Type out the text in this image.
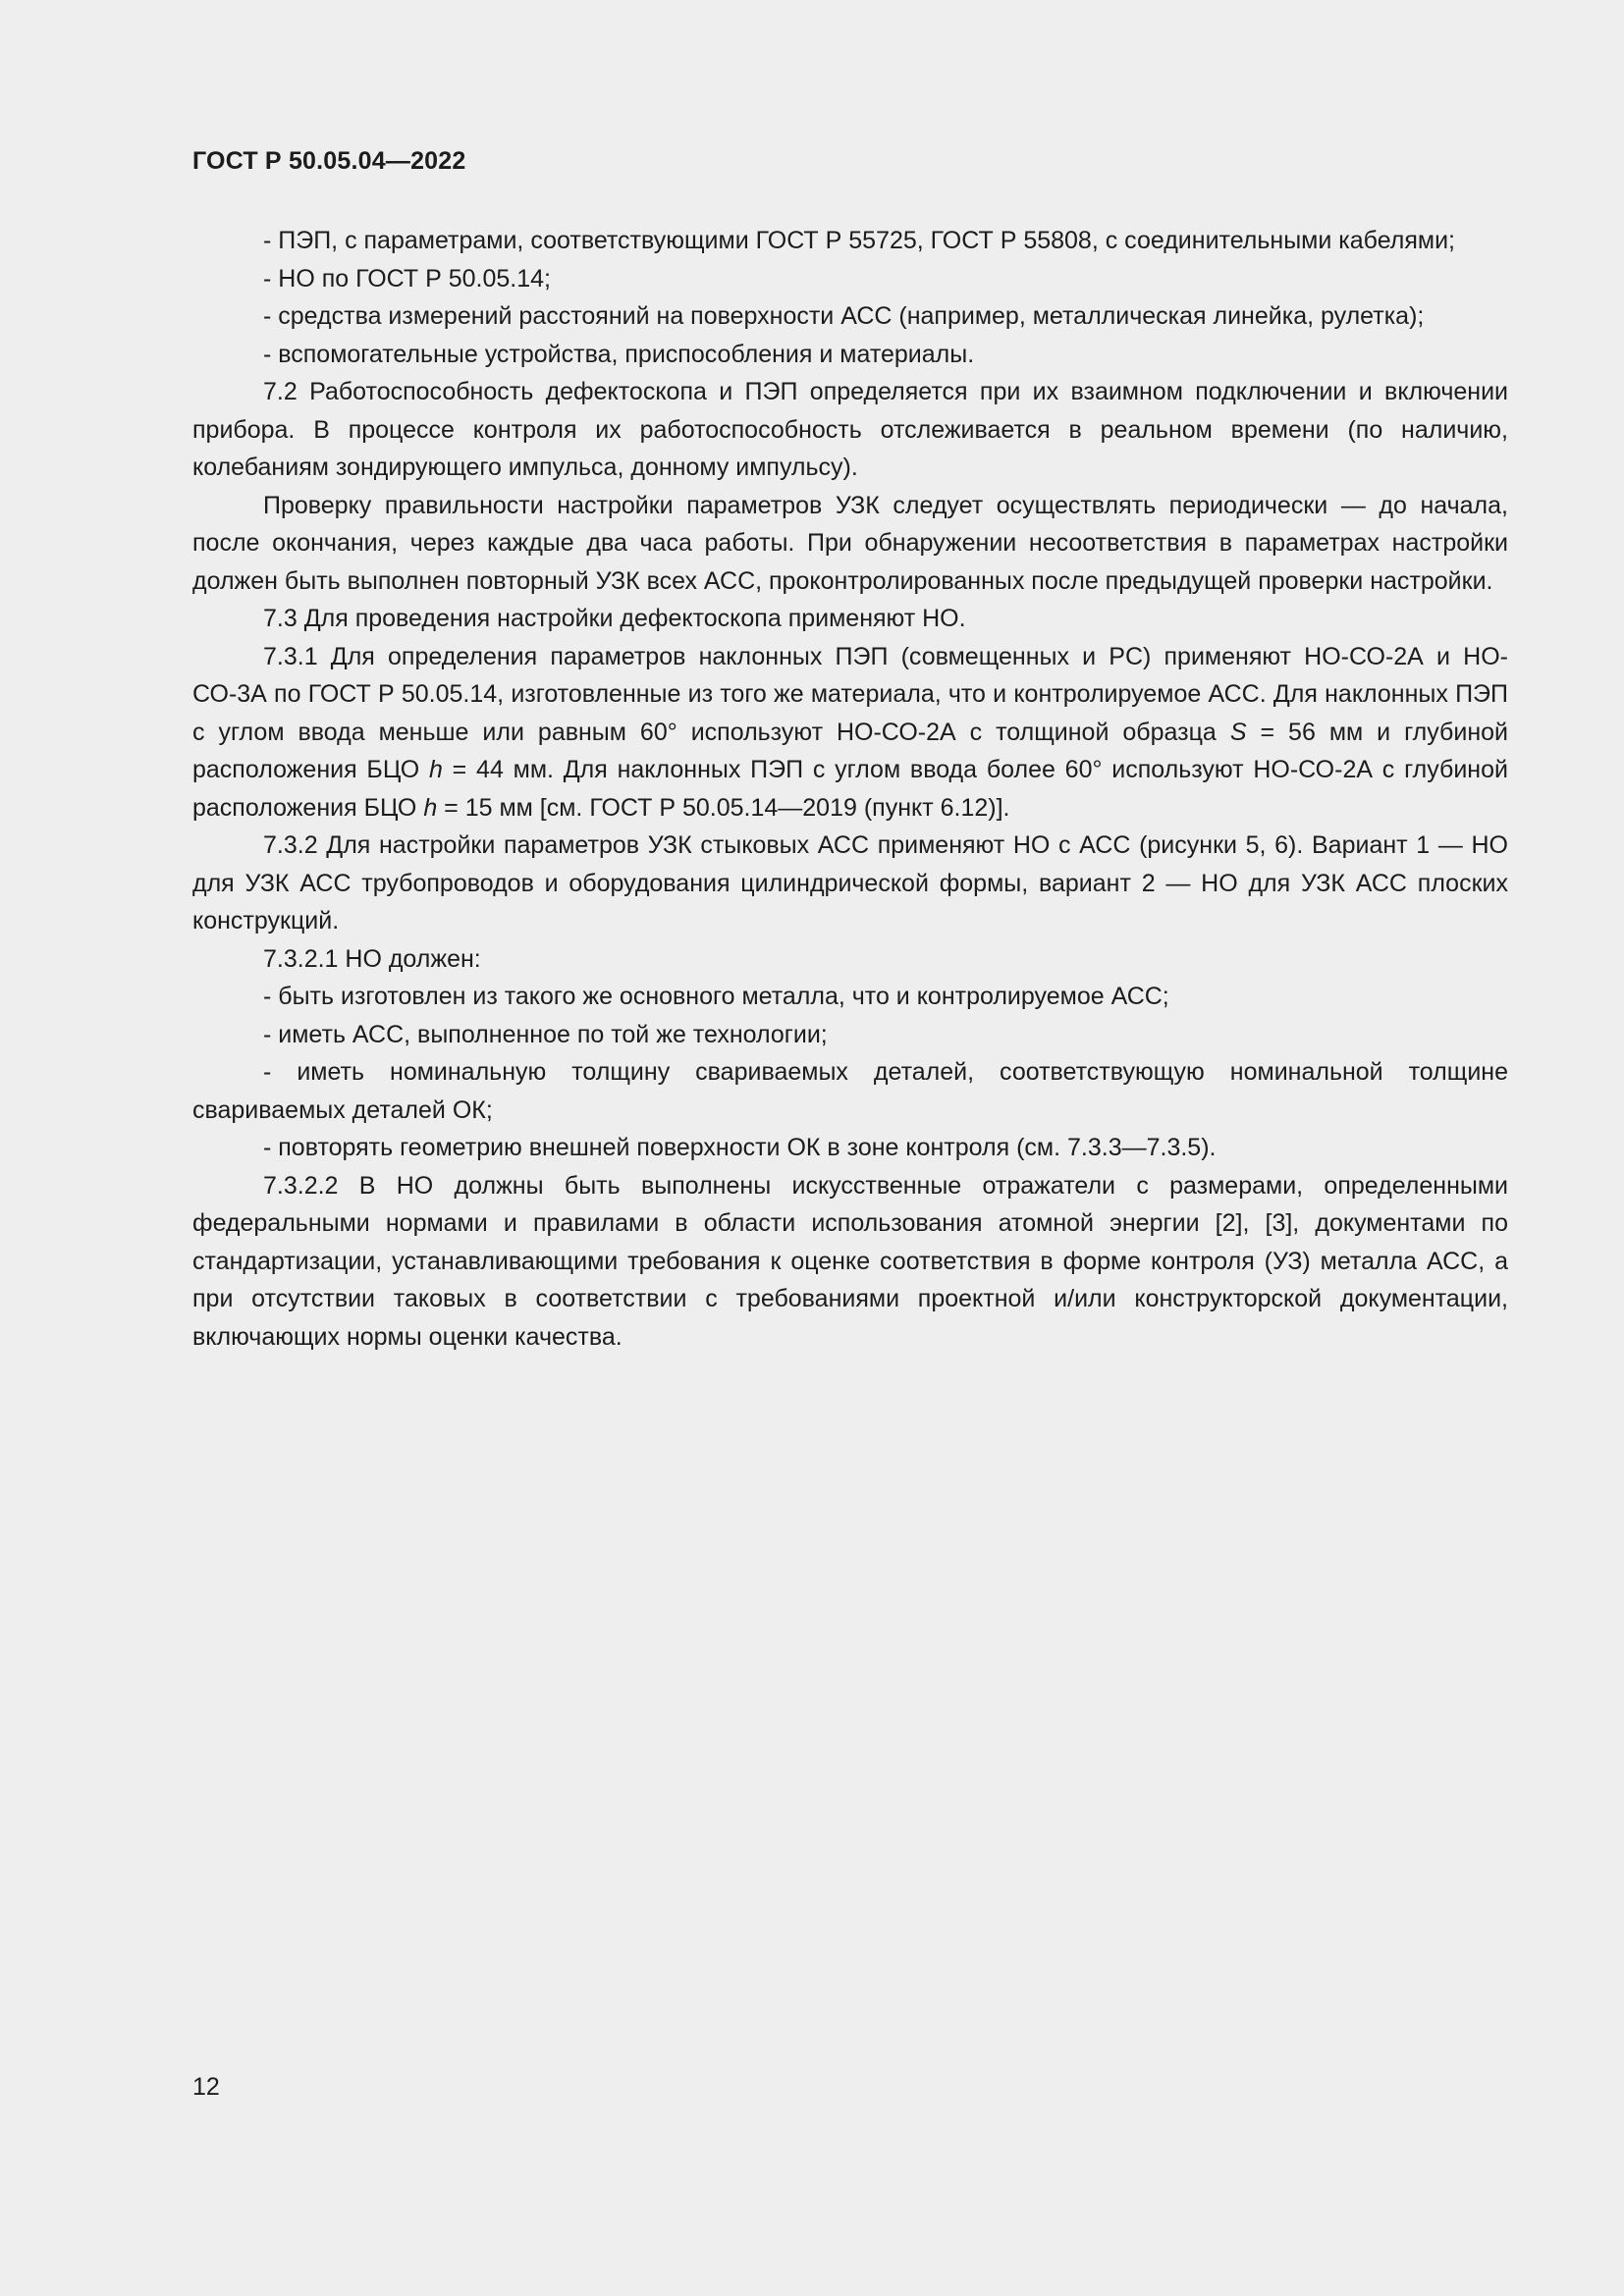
ГОСТ Р 50.05.04—2022

- ПЭП, с параметрами, соответствующими ГОСТ Р 55725, ГОСТ Р 55808, с соединительными кабелями;

- НО по ГОСТ Р 50.05.14;

- средства измерений расстояний на поверхности АСС (например, металлическая линейка, рулетка);

- вспомогательные устройства, приспособления и материалы.

7.2 Работоспособность дефектоскопа и ПЭП определяется при их взаимном подключении и включении прибора. В процессе контроля их работоспособность отслеживается в реальном времени (по наличию, колебаниям зондирующего импульса, донному импульсу).

Проверку правильности настройки параметров УЗК следует осуществлять периодически — до начала, после окончания, через каждые два часа работы. При обнаружении несоответствия в параметрах настройки должен быть выполнен повторный УЗК всех АСС, проконтролированных после предыдущей проверки настройки.

7.3 Для проведения настройки дефектоскопа применяют НО.

7.3.1 Для определения параметров наклонных ПЭП (совмещенных и PC) применяют НО-СО-2А и НО-СО-3А по ГОСТ Р 50.05.14, изготовленные из того же материала, что и контролируемое АСС. Для наклонных ПЭП с углом ввода меньше или равным 60° используют НО-СО-2А с толщиной образца S = 56 мм и глубиной расположения БЦО h = 44 мм. Для наклонных ПЭП с углом ввода более 60° используют НО-СО-2А с глубиной расположения БЦО h = 15 мм [см. ГОСТ Р 50.05.14—2019 (пункт 6.12)].

7.3.2 Для настройки параметров УЗК стыковых АСС применяют НО с АСС (рисунки 5, 6). Вариант 1 — НО для УЗК АСС трубопроводов и оборудования цилиндрической формы, вариант 2 — НО для УЗК АСС плоских конструкций.

7.3.2.1 НО должен:

- быть изготовлен из такого же основного металла, что и контролируемое АСС;

- иметь АСС, выполненное по той же технологии;

- иметь номинальную толщину свариваемых деталей, соответствующую номинальной толщине свариваемых деталей ОК;

- повторять геометрию внешней поверхности ОК в зоне контроля (см. 7.3.3—7.3.5).

7.3.2.2 В НО должны быть выполнены искусственные отражатели с размерами, определенными федеральными нормами и правилами в области использования атомной энергии [2], [3], документами по стандартизации, устанавливающими требования к оценке соответствия в форме контроля (УЗ) металла АСС, а при отсутствии таковых в соответствии с требованиями проектной и/или конструкторской документации, включающих нормы оценки качества.

12
